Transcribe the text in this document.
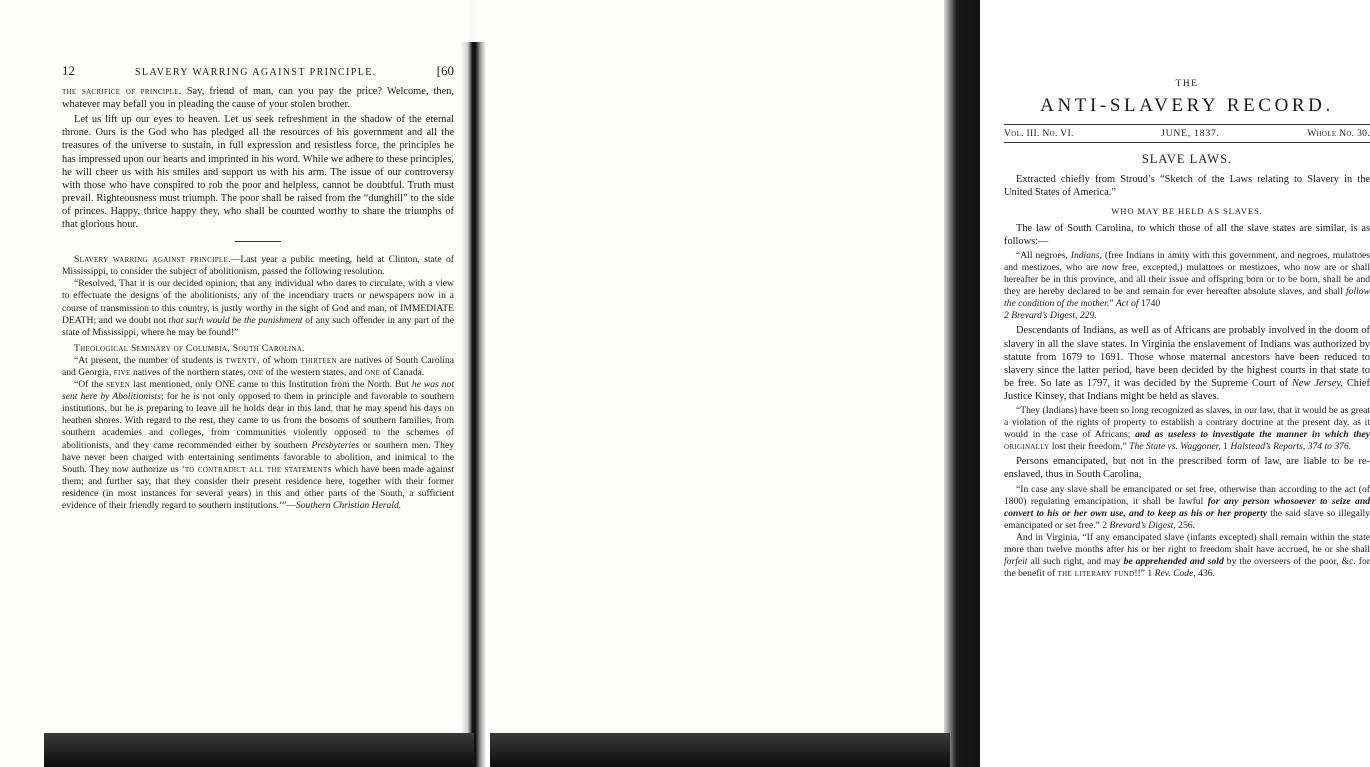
12	SLAVERY WARRING AGAINST PRINCIPLE.	[60

the sacrifice of principle. Say, friend of man, can you pay the price? Welcome, then, whatever may befall you in pleading the cause of your stolen brother.

Let us lift up our eyes to heaven. Let us seek refreshment in the shadow of the eternal throne. Ours is the God who has pledged all the resources of his government and all the treasures of the universe to sustain, in full expression and resistless force, the principles he has impressed upon our hearts and imprinted in his word. While we adhere to these principles, he will cheer us with his smiles and support us with his arm. The issue of our controversy with those who have conspired to rob the poor and helpless, cannot be doubtful. Truth must prevail. Righteousness must triumph. The poor shall be raised from the “dunghill” to the side of princes. Happy, thrice happy they, who shall be counted worthy to share the triumphs of that glorious hour.

Slavery warring against principle.—Last year a public meeting, held at Clinton, state of Mississippi, to consider the subject of abolitionism, passed the following resolution.

“Resolved, That it is our decided opinion, that any individual who dares to circulate, with a view to effectuate the designs of the abolitionists, any of the incendiary tracts or newspapers now in a course of transmission to this country, is justly worthy in the sight of God and man, of IMMEDIATE DEATH; and we doubt not that such would be the punishment of any such offender in any part of the state of Mississippi, where he may be found!”

Theological Seminary of Columbia, South Carolina.

“At present, the number of students is twenty, of whom thirteen are natives of South Carolina and Georgia, five natives of the northern states, one of the western states, and one of Canada.

“Of the seven last mentioned, only ONE came to this Institution from the North. But he was not sent here by Abolitionists; for he is not only opposed to them in principle and favorable to southern institutions, but he is preparing to leave all he holds dear in this land, that he may spend his days on heathen shores. With regard to the rest, they came to us from the bosoms of southern families, from southern academies and colleges, from communities violently opposed to the schemes of abolitionists, and they came recommended either by southern Presbyteries or southern men. They have never been charged with entertaining sentiments favorable to abolition, and inimical to the South. They now authorize us ‘to contradict all the statements which have been made against them; and further say, that they consider their present residence here, together with their former residence (in most instances for several years) in this and other parts of the South, a sufficient evidence of their friendly regard to southern institutions.’”—Southern Christian Herald.

THE
ANTI-SLAVERY RECORD.
Vol. III. No. VI.	JUNE, 1837.	Whole No. 30.
SLAVE LAWS.

Extracted chiefly from Stroud’s “Sketch of the Laws relating to Slavery in the United States of America.”

WHO MAY BE HELD AS SLAVES.

The law of South Carolina, to which those of all the slave states are similar, is as follows:—

“All negroes, Indians, (free Indians in amity with this government, and negroes, mulattoes and mestizoes, who are now free, excepted,) mulattoes or mestizoes, who now are or shall hereafter be in this province, and all their issue and offspring born or to be born, shall be and they are hereby declared to be and remain for ever hereafter absolute slaves, and shall follow the condition of the mother.” Act of 1740
2 Brevard’s Digest, 229.

Descendants of Indians, as well as of Africans are probably involved in the doom of slavery in all the slave states. In Virginia the enslavement of Indians was authorized by statute from 1679 to 1691. Those whose maternal ancestors have been reduced to slavery since the latter period, have been decided by the highest courts in that state to be free. So late as 1797, it was decided by the Supreme Court of New Jersey, Chief Justice Kinsey, that Indians might be held as slaves.

“They (Indians) have been so long recognized as slaves, in our law, that it would be as great a violation of the rights of property to establish a contrary doctrine at the present day, as it would in the case of Africans; and as useless to investigate the manner in which they originally lost their freedom.” The State vs. Waggoner, 1 Halstead’s Reports, 374 to 376.

Persons emancipated, but not in the prescribed form of law, are liable to be re-enslaved, thus in South Carolina,

“In case any slave shall be emancipated or set free, otherwise than according to the act (of 1800) regulating emancipation, it shall be lawful for any person whosoever to seize and convert to his or her own use, and to keep as his or her property the said slave so illegally emancipated or set free.” 2 Brevard’s Digest, 256.

And in Virginia, “If any emancipated slave (infants excepted) shall remain within the state more than twelve months after his or her right to freedom shalt have accrued, he or she shall forfeit all such right, and may be apprehended and sold by the overseers of the poor, &c. for the benefit of the literary fund!!” 1 Rev. Code, 436.
